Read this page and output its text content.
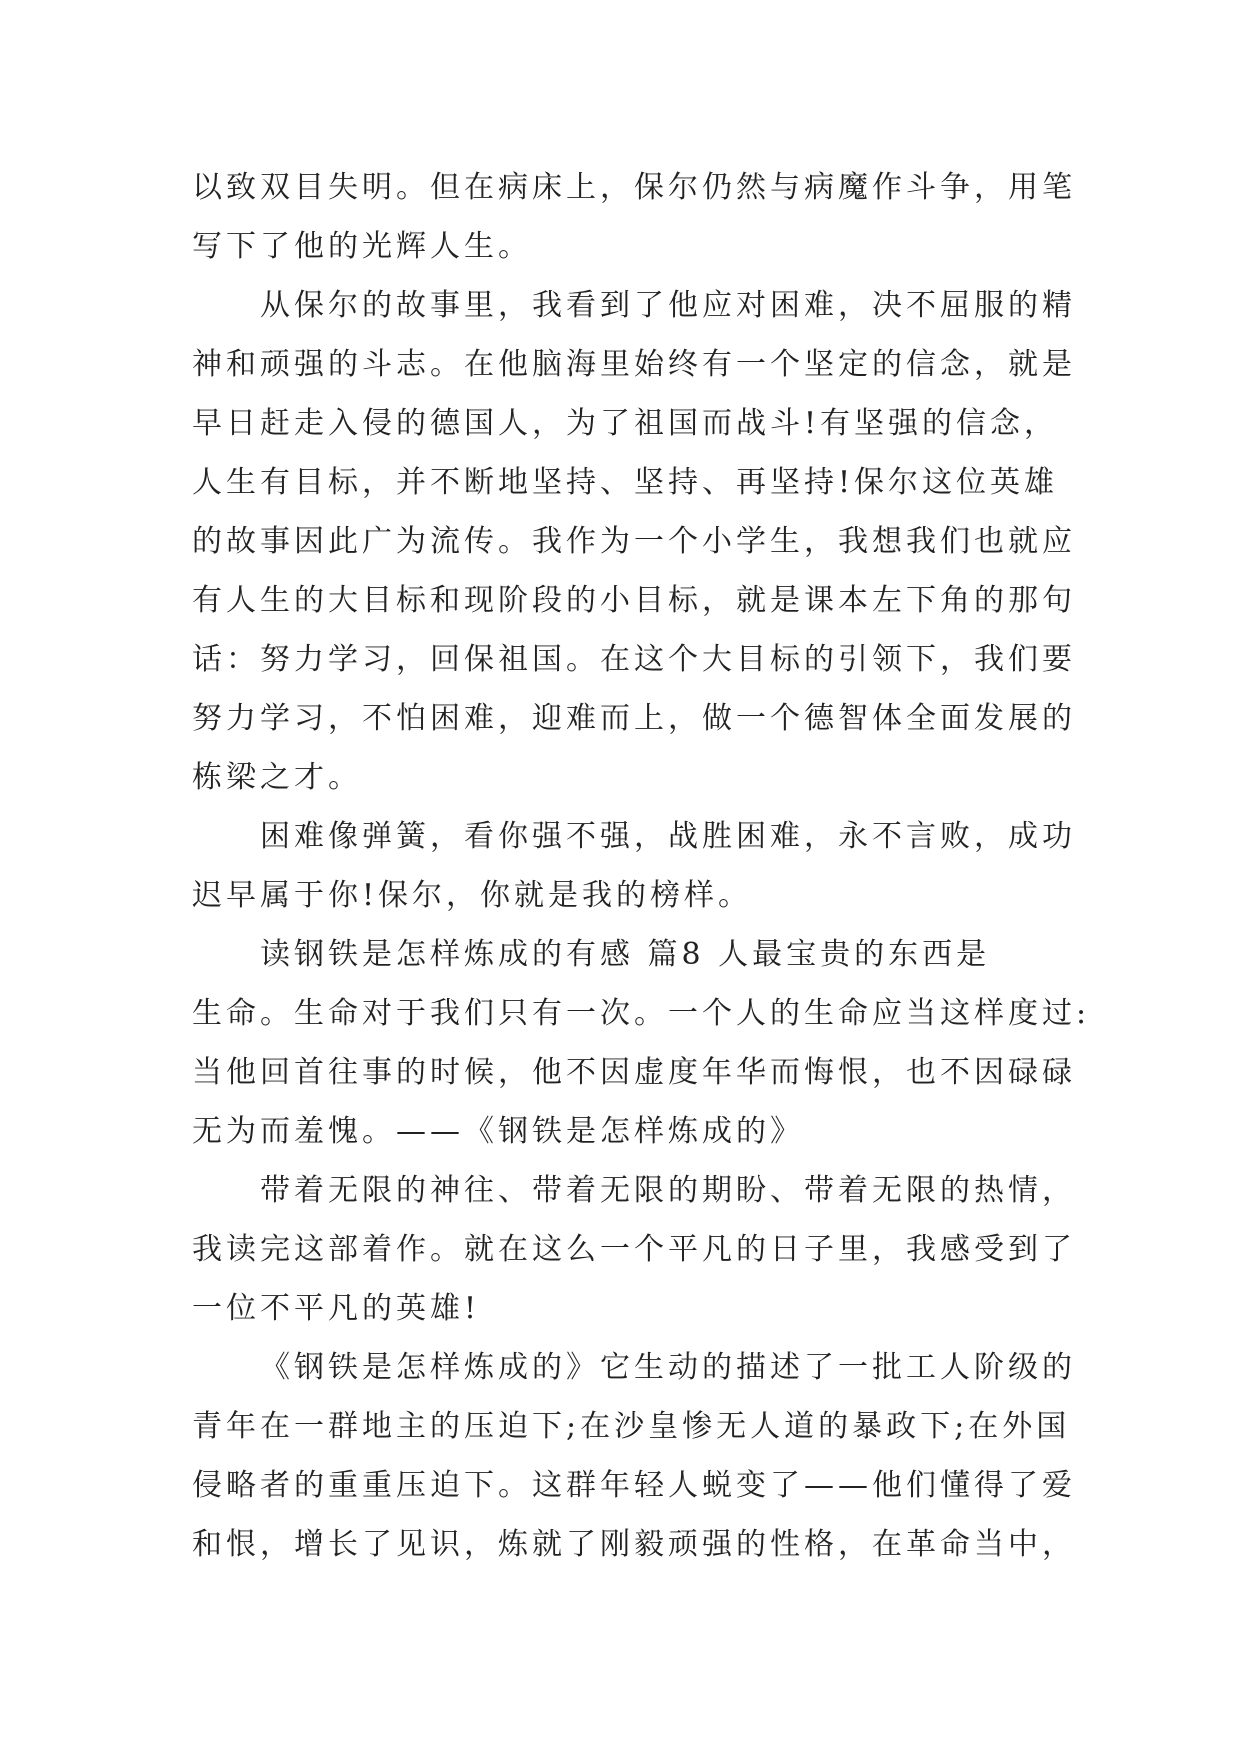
以致双目失明。但在病床上，保尔仍然与病魔作斗争，用笔
写下了他的光辉人生。
从保尔的故事里，我看到了他应对困难，决不屈服的精
神和顽强的斗志。在他脑海里始终有一个坚定的信念，就是
早日赶走入侵的德国人，为了祖国而战斗!有坚强的信念，
人生有目标，并不断地坚持、坚持、再坚持!保尔这位英雄
的故事因此广为流传。我作为一个小学生，我想我们也就应
有人生的大目标和现阶段的小目标，就是课本左下角的那句
话：努力学习，回保祖国。在这个大目标的引领下，我们要
努力学习，不怕困难，迎难而上，做一个德智体全面发展的
栋梁之才。
困难像弹簧，看你强不强，战胜困难，永不言败，成功
迟早属于你!保尔，你就是我的榜样。
读钢铁是怎样炼成的有感 篇8 人最宝贵的东西是
生命。生命对于我们只有一次。一个人的生命应当这样度过:
当他回首往事的时候，他不因虚度年华而悔恨，也不因碌碌
无为而羞愧。——《钢铁是怎样炼成的》
带着无限的神往、带着无限的期盼、带着无限的热情，
我读完这部着作。就在这么一个平凡的日子里，我感受到了
一位不平凡的英雄!
《钢铁是怎样炼成的》它生动的描述了一批工人阶级的
青年在一群地主的压迫下;在沙皇惨无人道的暴政下;在外国
侵略者的重重压迫下。这群年轻人蜕变了——他们懂得了爱
和恨，增长了见识，炼就了刚毅顽强的性格，在革命当中，
